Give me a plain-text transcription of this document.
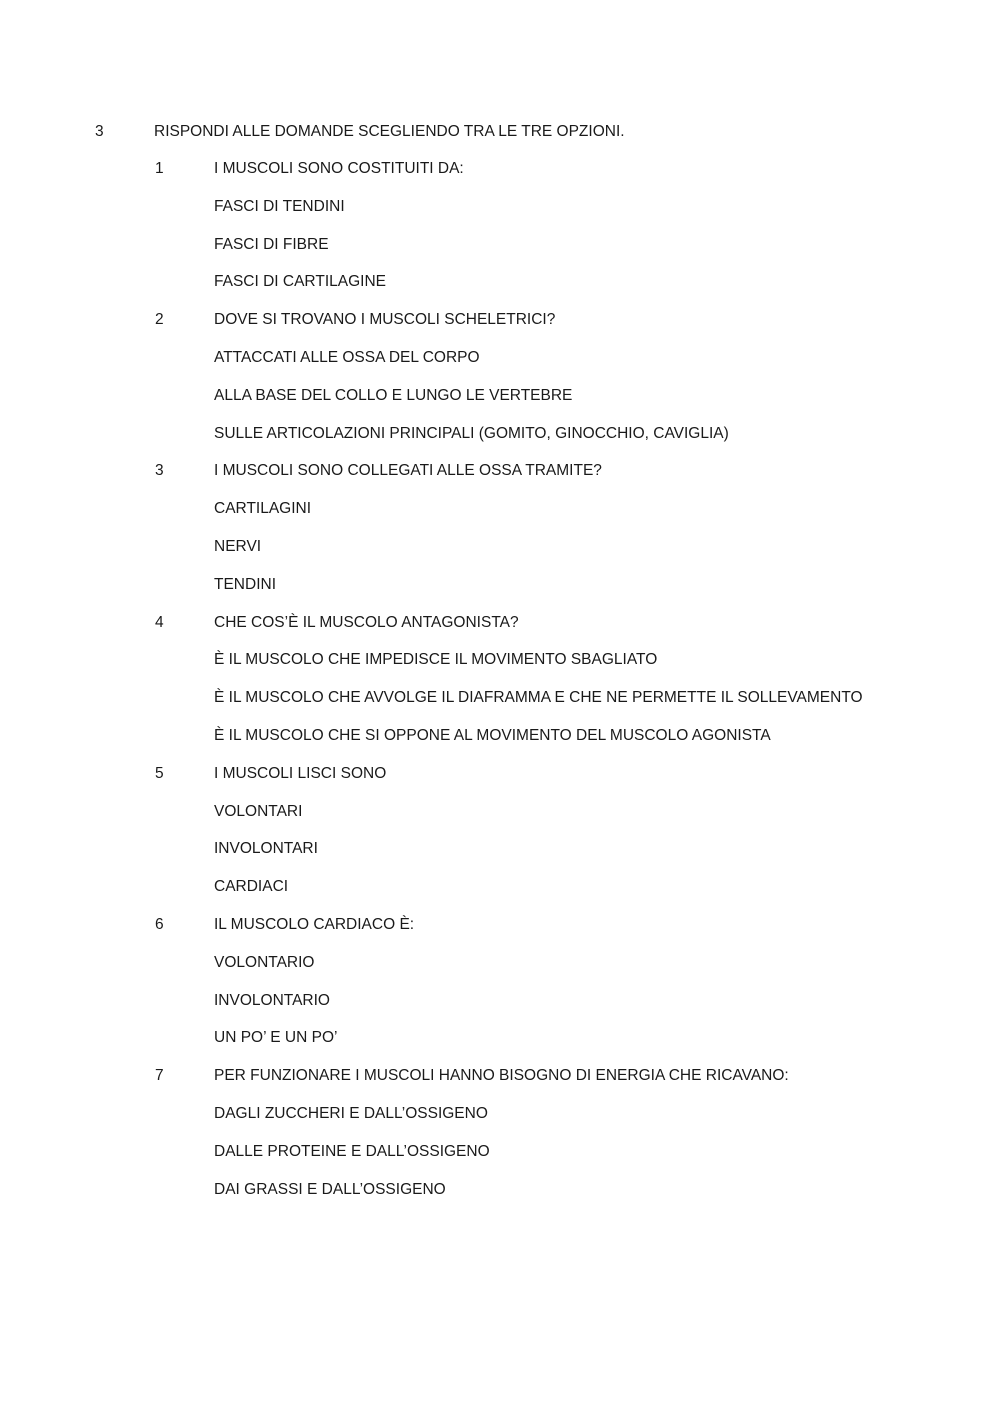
3	RISPONDI ALLE DOMANDE SCEGLIENDO TRA LE TRE OPZIONI.
1	I MUSCOLI SONO COSTITUITI DA:
FASCI DI TENDINI
FASCI DI FIBRE
FASCI DI CARTILAGINE
2	DOVE SI TROVANO I MUSCOLI SCHELETRICI?
ATTACCATI ALLE OSSA DEL CORPO
ALLA BASE DEL COLLO E LUNGO LE VERTEBRE
SULLE ARTICOLAZIONI PRINCIPALI (GOMITO, GINOCCHIO, CAVIGLIA)
3	I MUSCOLI SONO COLLEGATI ALLE OSSA TRAMITE?
CARTILAGINI
NERVI
TENDINI
4	CHE COS’È IL MUSCOLO ANTAGONISTA?
È IL MUSCOLO CHE IMPEDISCE IL MOVIMENTO SBAGLIATO
È IL MUSCOLO CHE AVVOLGE IL DIAFRAMMA E CHE NE PERMETTE IL SOLLEVAMENTO
È IL MUSCOLO CHE SI OPPONE AL MOVIMENTO DEL MUSCOLO AGONISTA
5	I MUSCOLI LISCI SONO
VOLONTARI
INVOLONTARI
CARDIACI
6	IL MUSCOLO CARDIACO È:
VOLONTARIO
INVOLONTARIO
UN PO’ E UN PO’
7	PER FUNZIONARE I MUSCOLI HANNO BISOGNO DI ENERGIA CHE RICAVANO:
DAGLI ZUCCHERI E DALL’OSSIGENO
DALLE PROTEINE E DALL’OSSIGENO
DAI GRASSI E DALL’OSSIGENO
